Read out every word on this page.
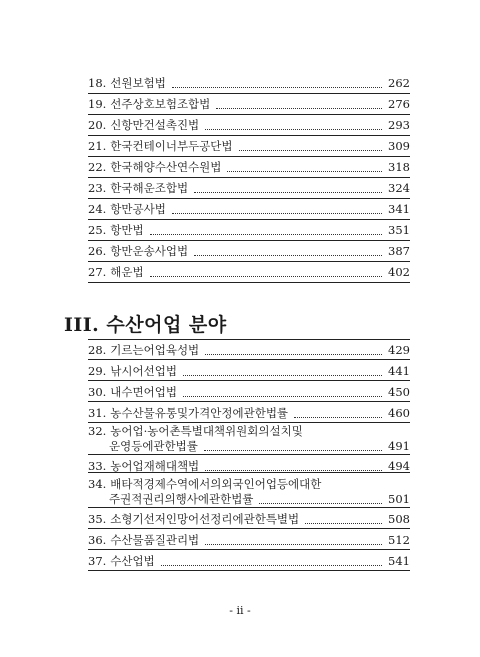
III. 수산어업 분야
- ii -
18. 선원보험법	262
19. 선주상호보험조합법	276
20. 신항만건설촉진법	293
21. 한국컨테이너부두공단법	309
22. 한국해양수산연수원법	318
23. 한국해운조합법	324
24. 항만공사법	341
25. 항만법	351
26. 항만운송사업법	387
27. 해운법	402
28. 기르는어업육성법	429
29. 낚시어선업법	441
30. 내수면어업법	450
31. 농수산물유통및가격안정에관한법률	460
32. 농어업·농어촌특별대책위원회의설치및
운영등에관한법률	491
33. 농어업재해대책법	494
34. 배타적경제수역에서의외국인어업등에대한
주권적권리의행사에관한법률	501
35. 소형기선저인망어선정리에관한특별법	508
36. 수산물품질관리법	512
37. 수산업법	541
